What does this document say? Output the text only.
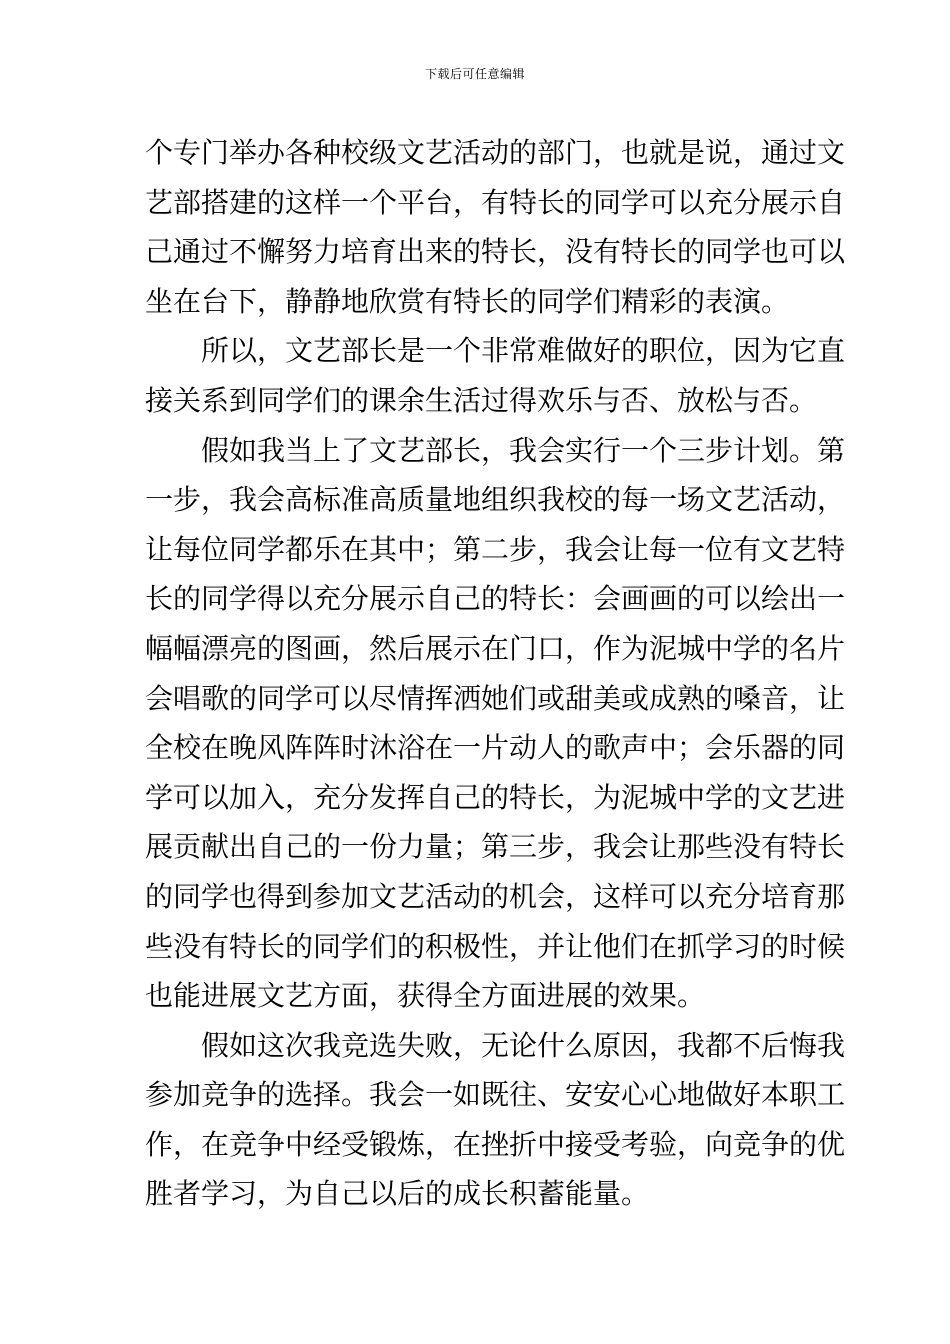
下载后可任意编辑
个专门举办各种校级文艺活动的部门，也就是说，通过文
艺部搭建的这样一个平台，有特长的同学可以充分展示自
己通过不懈努力培育出来的特长，没有特长的同学也可以
坐在台下，静静地欣赏有特长的同学们精彩的表演。
所以，文艺部长是一个非常难做好的职位，因为它直
接关系到同学们的课余生活过得欢乐与否、放松与否。
假如我当上了文艺部长，我会实行一个三步计划。第
一步，我会高标准高质量地组织我校的每一场文艺活动，
让每位同学都乐在其中；第二步，我会让每一位有文艺特
长的同学得以充分展示自己的特长：会画画的可以绘出一
幅幅漂亮的图画，然后展示在门口，作为泥城中学的名片
会唱歌的同学可以尽情挥洒她们或甜美或成熟的嗓音，让
全校在晚风阵阵时沐浴在一片动人的歌声中；会乐器的同
学可以加入，充分发挥自己的特长，为泥城中学的文艺进
展贡献出自己的一份力量；第三步，我会让那些没有特长
的同学也得到参加文艺活动的机会，这样可以充分培育那
些没有特长的同学们的积极性，并让他们在抓学习的时候
也能进展文艺方面，获得全方面进展的效果。
假如这次我竞选失败，无论什么原因，我都不后悔我
参加竞争的选择。我会一如既往、安安心心地做好本职工
作，在竞争中经受锻炼，在挫折中接受考验，向竞争的优
胜者学习，为自己以后的成长积蓄能量。
